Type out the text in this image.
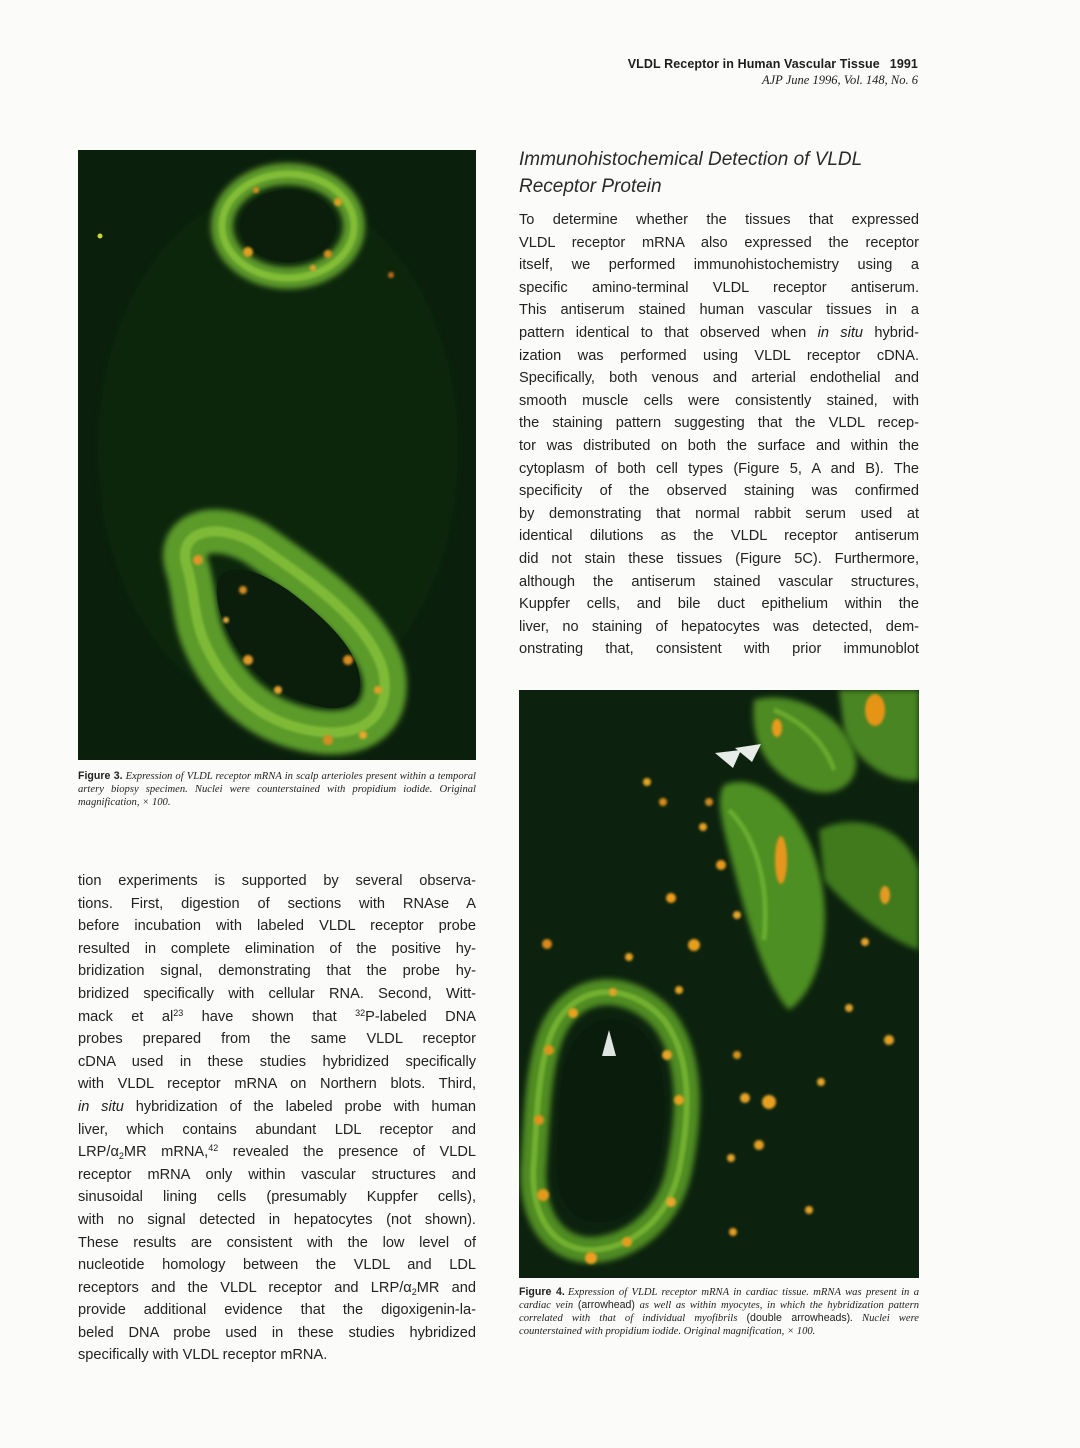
VLDL Receptor in Human Vascular Tissue 1991
AJP June 1996, Vol. 148, No. 6
Figure 3. Expression of VLDL receptor mRNA in scalp arterioles present within a temporal artery biopsy specimen. Nuclei were counterstained with propidium iodide. Original magnification, × 100.
Immunohistochemical Detection of VLDL Receptor Protein
To determine whether the tissues that expressed
VLDL receptor mRNA also expressed the receptor
itself, we performed immunohistochemistry using a
specific amino-terminal VLDL receptor antiserum.
This antiserum stained human vascular tissues in a
pattern identical to that observed when in situ hybrid-
ization was performed using VLDL receptor cDNA.
Specifically, both venous and arterial endothelial and
smooth muscle cells were consistently stained, with
the staining pattern suggesting that the VLDL recep-
tor was distributed on both the surface and within the
cytoplasm of both cell types (Figure 5, A and B). The
specificity of the observed staining was confirmed
by demonstrating that normal rabbit serum used at
identical dilutions as the VLDL receptor antiserum
did not stain these tissues (Figure 5C). Furthermore,
although the antiserum stained vascular structures,
Kuppfer cells, and bile duct epithelium within the
liver, no staining of hepatocytes was detected, dem-
onstrating that, consistent with prior immunoblot
Figure 4. Expression of VLDL receptor mRNA in cardiac tissue. mRNA was present in a cardiac vein (arrowhead) as well as within myocytes, in which the hybridization pattern correlated with that of individual myofibrils (double arrowheads). Nuclei were counterstained with propidium iodide. Original magnification, × 100.
tion experiments is supported by several observa-
tions. First, digestion of sections with RNAse A
before incubation with labeled VLDL receptor probe
resulted in complete elimination of the positive hy-
bridization signal, demonstrating that the probe hy-
bridized specifically with cellular RNA. Second, Witt-
mack et $al^{23}$ have shown that $^{32}$P-labeled DNA
probes prepared from the same VLDL receptor
cDNA used in these studies hybridized specifically
with VLDL receptor mRNA on Northern blots. Third,
in situ hybridization of the labeled probe with human
liver, which contains abundant LDL receptor and
LRP/$\alpha_2MR$ mRNA,$^{42}$ revealed the presence of VLDL
receptor mRNA only within vascular structures and
sinusoidal lining cells (presumably Kuppfer cells),
with no signal detected in hepatocytes (not shown).
These results are consistent with the low level of
nucleotide homology between the VLDL and LDL
receptors and the VLDL receptor and LRP/$\alpha_2MR$ and
provide additional evidence that the digoxigenin-la-
beled DNA probe used in these studies hybridized
specifically with VLDL receptor mRNA.
